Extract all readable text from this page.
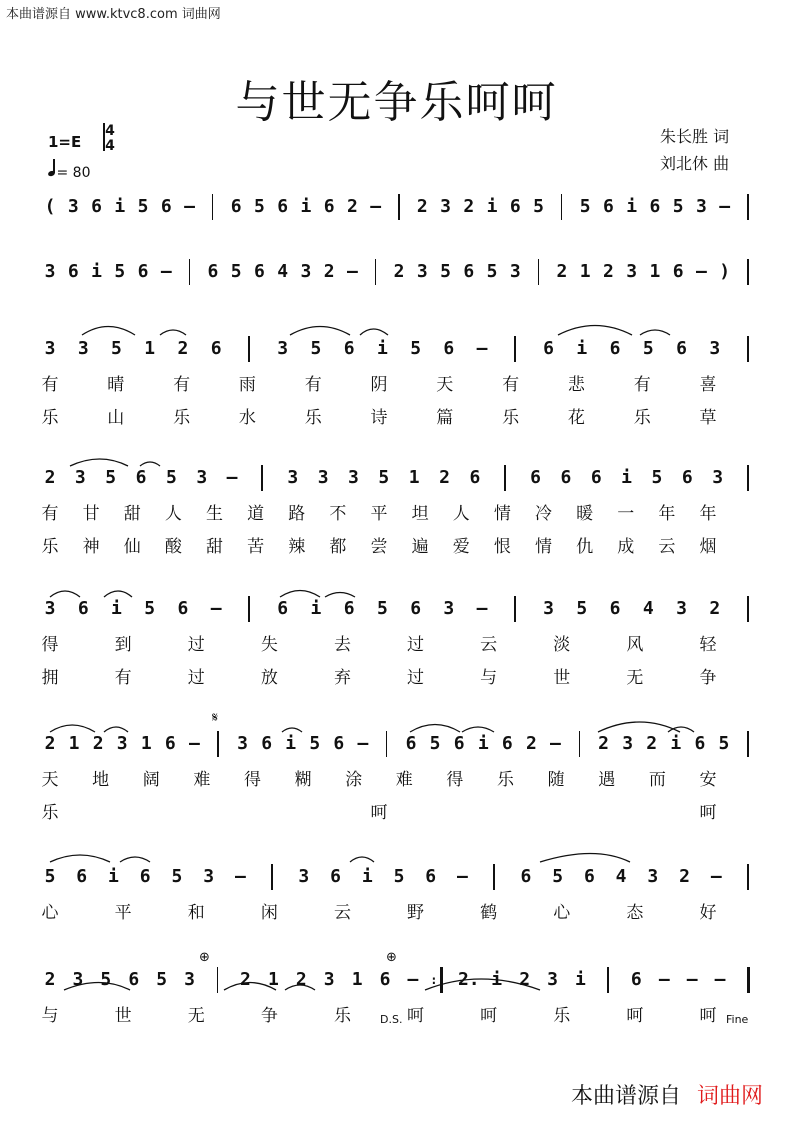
本曲谱源自 www.ktvc8.com 词曲网
与世无争乐呵呵
1=E
4
4
= 80
朱长胜 词
刘北休 曲
( 3 6 i 5 6 – 6 5 6 i 6 2 – 2 3 2 i 6 5 5 6 i 6 5 3 –
3 6 i 5 6 – 6 5 6 4 3 2 – 2 3 5 6 5 3 2 1 2 3 1 6 – )
3 3 5 1 2 6	3 5 6 i 5 6 –	6 i 6 5 6 3
有	晴	有	雨	有	阴	天	有	悲	有	喜
乐	山	乐	水	乐	诗	篇	乐	花	乐	草
2 3 5 6 5 3 –	3 3 3 5 1 2 6	6 6 6 i 5 6 3
有 甘 甜 人 生 道 路 不 平 坦 人 情 冷 暖 一 年 年
乐 神 仙 酸 甜 苦 辣 都 尝 遍 爱 恨 情 仇 成 云 烟
3 6 i 5 6 –	6 i 6 5 6 3 –	3 5 6 4 3 2
得	到	过	失	去	过	云	淡	风	轻
拥	有	过	放	弃	过	与	世	无	争
2 1 2 3 1 6 – 3 6 i 5 6 – 6 5 6 i 6 2 – 2 3 2 i 6 5
天 地 阔 难 得 糊 涂 难 得 乐 随 遇 而 安
乐	呵	呵
5 6 i 6 5 3 –	3 6 i 5 6 –	6 5 6 4 3 2 –
心	平	和	闲	云	野	鹤	心	态	好
2 3 5 6 5 3	2 1 2 3 1 6 – : 2. i 2 3 i	6 – – –
与	世	无	争	乐	呵	呵	乐	呵	呵
𝄋
⊕	⊕
D.S.	Fine
本曲谱源自 词曲网
